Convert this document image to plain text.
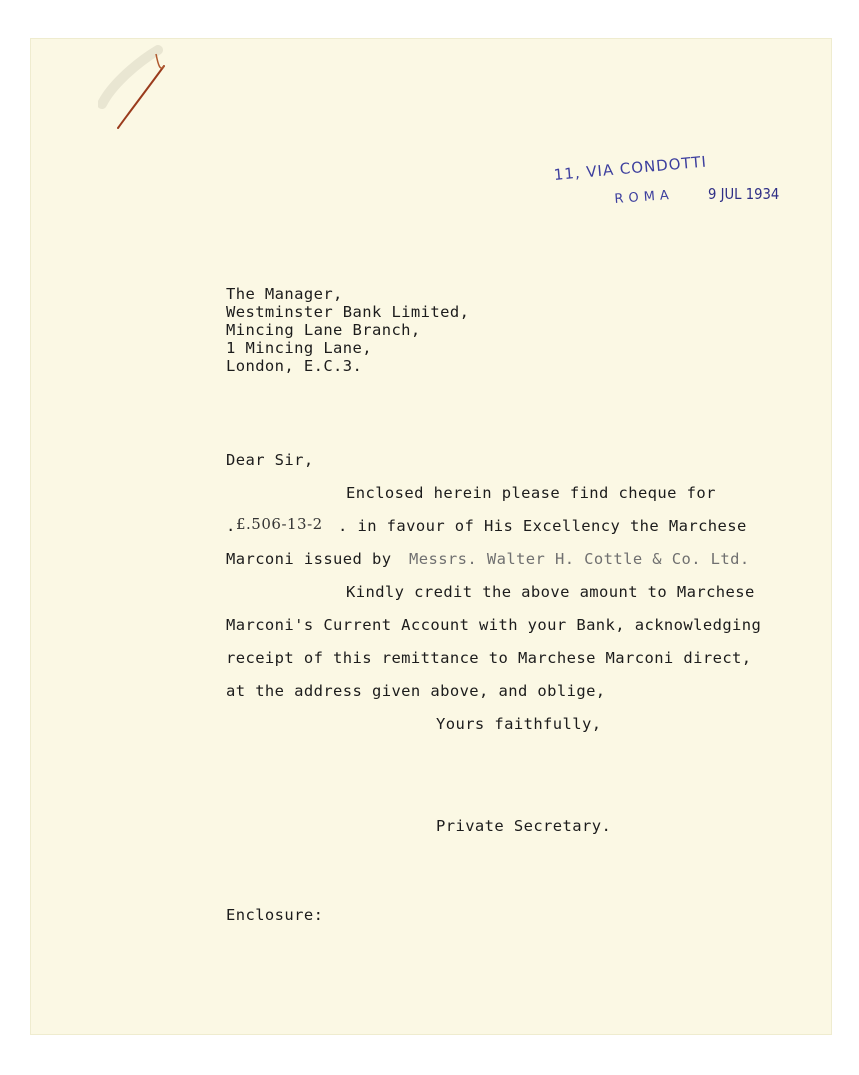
11, VIA CONDOTTI
ROMA 9 JUL 1934
The Manager,
Westminster Bank Limited,
Mincing Lane Branch,
1 Mincing Lane,
London, E.C.3.
Dear Sir,
Enclosed herein please find cheque for
. £.506-13-2 . in favour of His Excellency the Marchese
Marconi issued by Messrs. Walter H. Cottle & Co. Ltd.
Kindly credit the above amount to Marchese
Marconi's Current Account with your Bank, acknowledging
receipt of this remittance to Marchese Marconi direct,
at the address given above, and oblige,
Yours faithfully,
Private Secretary.
Enclosure:
